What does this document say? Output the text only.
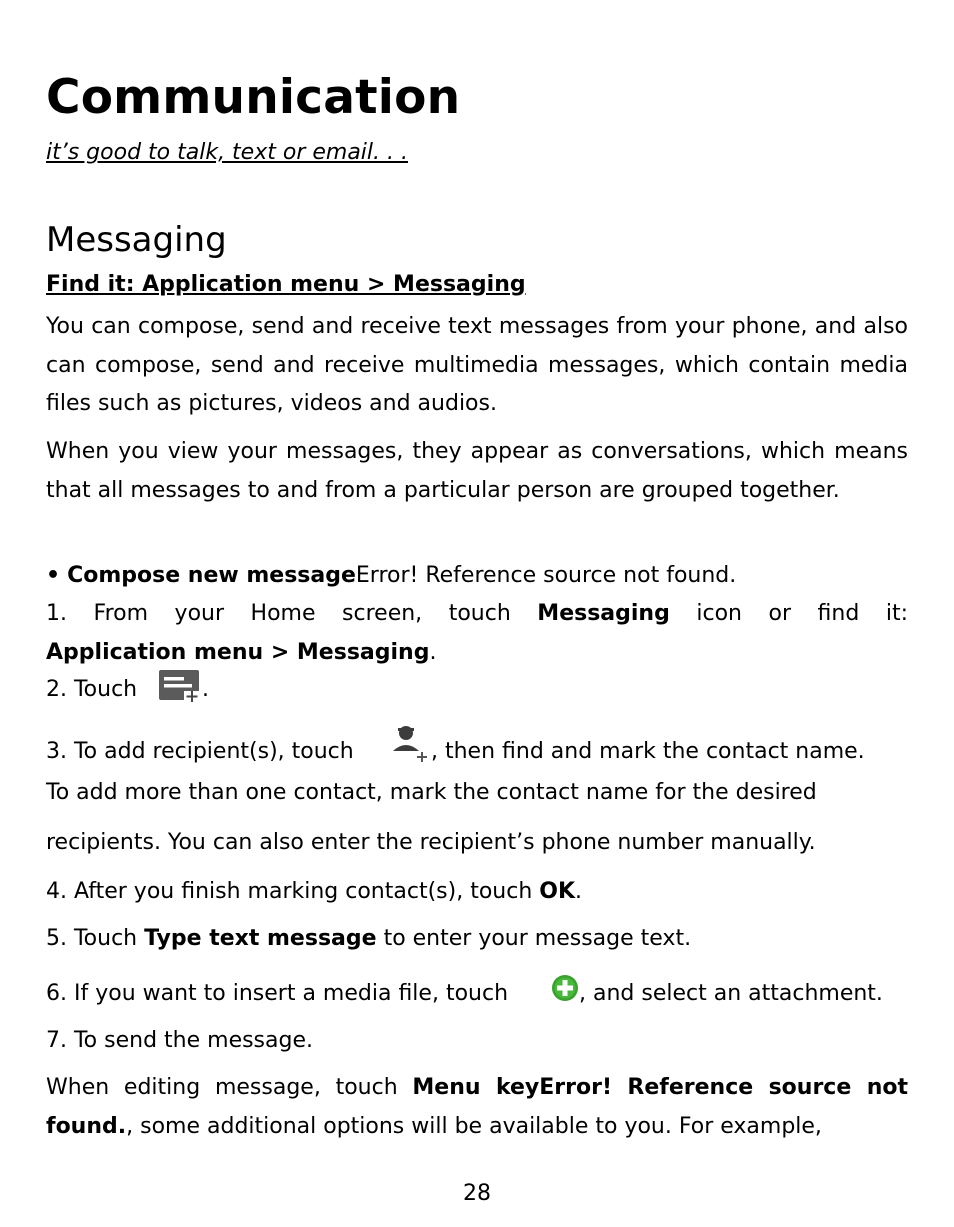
Communication
it’s good to talk, text or email. . .
Messaging
Find it: Application menu > Messaging
You can compose, send and receive text messages from your phone, and also can compose, send and receive multimedia messages, which contain media files such as pictures, videos and audios.
When you view your messages, they appear as conversations, which means that all messages to and from a particular person are grouped together.
• Compose new messageError! Reference source not found.
1. From your Home screen, touch Messaging icon or find it:
Application menu > Messaging.
2. Touch	.
3. To add recipient(s), touch	, then find and mark the contact name.
To add more than one contact, mark the contact name for the desired
recipients. You can also enter the recipient’s phone number manually.
4. After you finish marking contact(s), touch OK.
5. Touch Type text message to enter your message text.
6. If you want to insert a media file, touch	, and select an attachment.
7. To send the message.
When editing message, touch Menu keyError! Reference source not found., some additional options will be available to you. For example,
28
